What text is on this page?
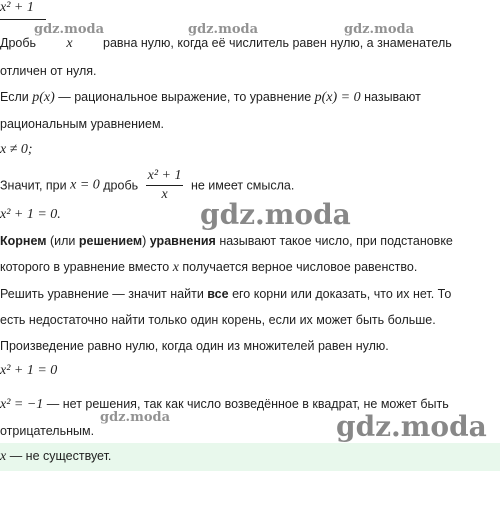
x² + 1
Дробь x равна нулю, когда её числитель равен нулю, а знаменатель
отличен от нуля.
Если p(x) — рациональное выражение, то уравнение p(x) = 0 называют
рациональным уравнением.
x ≠ 0;
Значит, при x = 0 дробь $\frac{\text{x² + 1}}{x}$ не имеет смысла.
x² + 1 = 0.
Корнем (или решением) уравнения называют такое число, при подстановке
которого в уравнение вместо x получается верное числовое равенство.
Решить уравнение — значит найти все его корни или доказать, что их нет. То
есть недостаточно найти только один корень, если их может быть больше.
Произведение равно нулю, когда один из множителей равен нулю.
x² + 1 = 0
x² = −1 — нет решения, так как число возведённое в квадрат, не может быть
отрицательным.
x — не существует.
gdz.moda	gdz.moda	gdz.moda
gdz.moda
gdz.moda	gdz.moda
